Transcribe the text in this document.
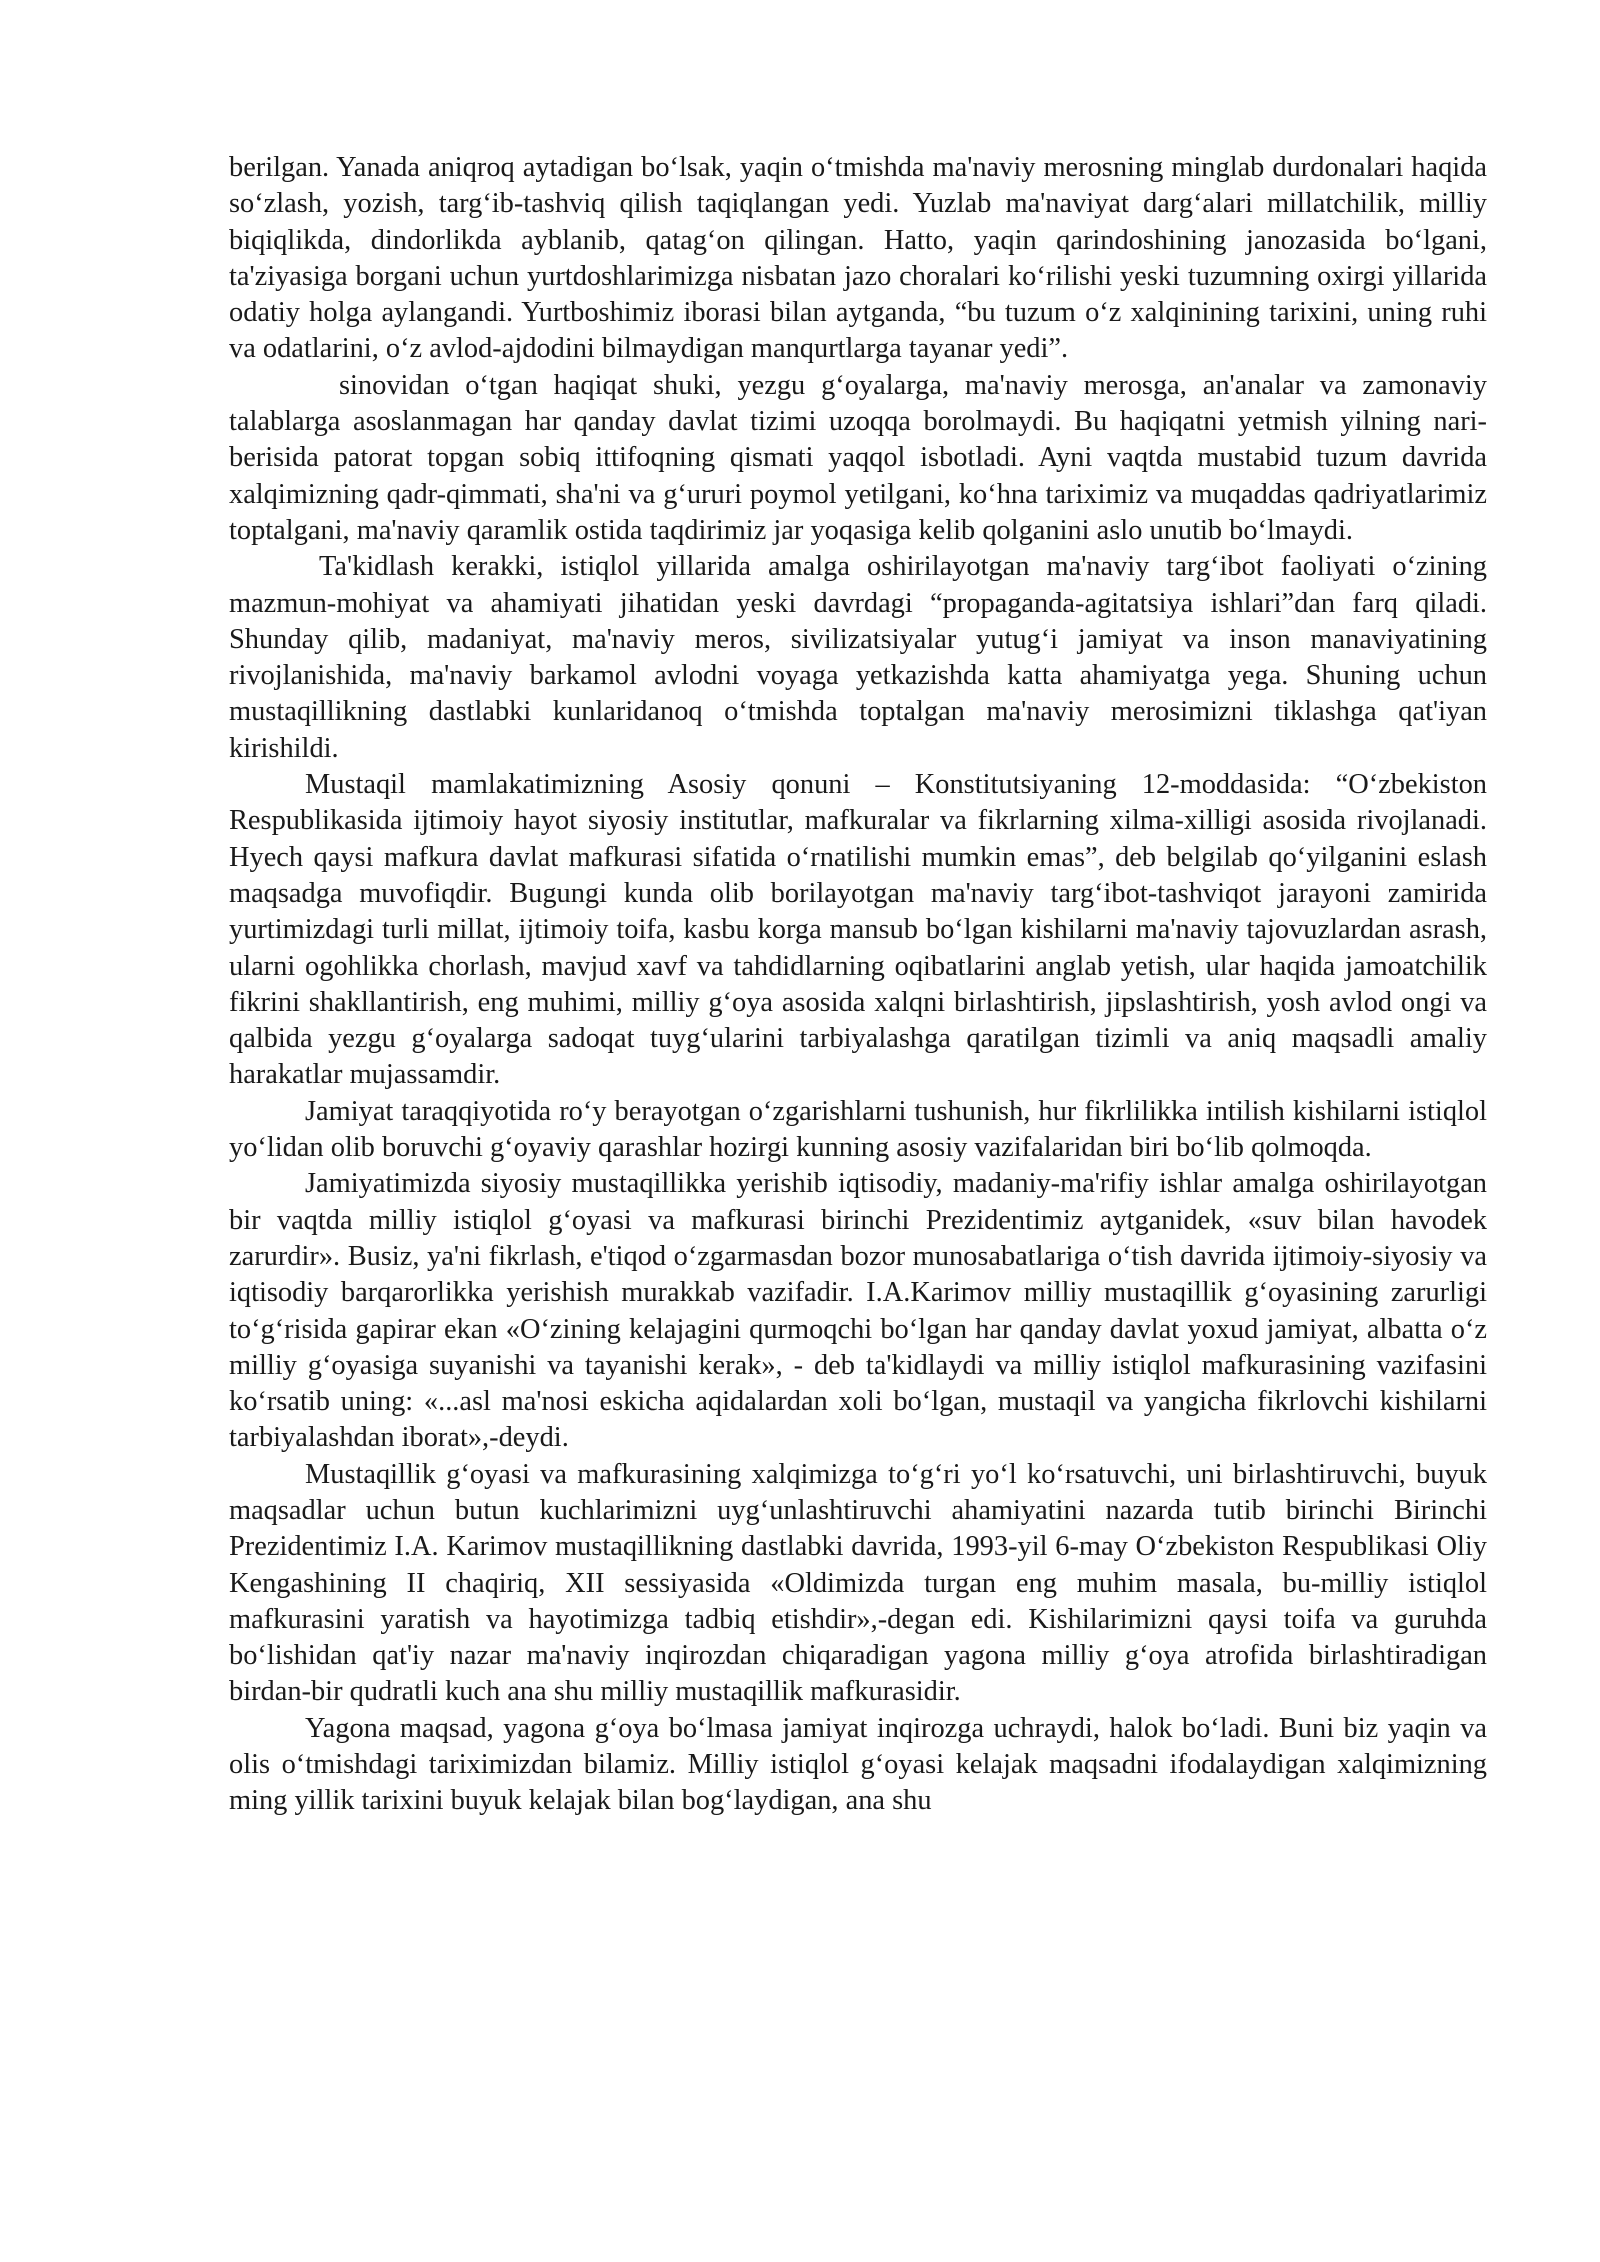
berilgan. Yanada aniqroq aytadigan bo‘lsak, yaqin o‘tmishda ma'naviy merosning minglab durdonalari haqida so‘zlash, yozish, targ‘ib-tashviq qilish taqiqlangan yedi. Yuzlab ma'naviyat darg‘alari millatchilik, milliy biqiqlikda, dindorlikda ayblanib, qatag‘on qilingan. Hatto, yaqin qarindoshining janozasida bo‘lgani, ta'ziyasiga borgani uchun yurtdoshlarimizga nisbatan jazo choralari ko‘rilishi yeski tuzumning oxirgi yillarida odatiy holga aylangandi. Yurtboshimiz iborasi bilan aytganda, “bu tuzum o‘z xalqinining tarixini, uning ruhi va odatlarini, o‘z avlod-ajdodini bilmaydigan manqurtlarga tayanar yedi”.

sinovidan o‘tgan haqiqat shuki, yezgu g‘oyalarga, ma'naviy merosga, an'analar va zamonaviy talablarga asoslanmagan har qanday davlat tizimi uzoqqa borolmaydi. Bu haqiqatni yetmish yilning nari-berisida patorat topgan sobiq ittifoqning qismati yaqqol isbotladi. Ayni vaqtda mustabid tuzum davrida xalqimizning qadr-qimmati, sha'ni va g‘ururi poymol yetilgani, ko‘hna tariximiz va muqaddas qadriyatlarimiz toptalgani, ma'naviy qaramlik ostida taqdirimiz jar yoqasiga kelib qolganini aslo unutib bo‘lmaydi.

Ta'kidlash kerakki, istiqlol yillarida amalga oshirilayotgan ma'naviy targ‘ibot faoliyati o‘zining mazmun-mohiyat va ahamiyati jihatidan yeski davrdagi “propaganda-agitatsiya ishlari”dan farq qiladi. Shunday qilib, madaniyat, ma'naviy meros, sivilizatsiyalar yutug‘i jamiyat va inson manaviyatining rivojlanishida, ma'naviy barkamol avlodni voyaga yetkazishda katta ahamiyatga yega. Shuning uchun mustaqillikning dastlabki kunlaridanoq o‘tmishda toptalgan ma'naviy merosimizni tiklashga qat'iyan kirishildi.

Mustaqil mamlakatimizning Asosiy qonuni – Konstitutsiyaning 12-moddasida: “O‘zbekiston Respublikasida ijtimoiy hayot siyosiy institutlar, mafkuralar va fikrlarning xilma-xilligi asosida rivojlanadi. Hyech qaysi mafkura davlat mafkurasi sifatida o‘rnatilishi mumkin emas”, deb belgilab qo‘yilganini eslash maqsadga muvofiqdir. Bugungi kunda olib borilayotgan ma'naviy targ‘ibot-tashviqot jarayoni zamirida yurtimizdagi turli millat, ijtimoiy toifa, kasbu korga mansub bo‘lgan kishilarni ma'naviy tajovuzlardan asrash, ularni ogohlikka chorlash, mavjud xavf va tahdidlarning oqibatlarini anglab yetish, ular haqida jamoatchilik fikrini shakllantirish, eng muhimi, milliy g‘oya asosida xalqni birlashtirish, jipslashtirish, yosh avlod ongi va qalbida yezgu g‘oyalarga sadoqat tuyg‘ularini tarbiyalashga qaratilgan tizimli va aniq maqsadli amaliy harakatlar mujassamdir.

Jamiyat taraqqiyotida ro‘y berayotgan o‘zgarishlarni tushunish, hur fikrlilikka intilish kishilarni istiqlol yo‘lidan olib boruvchi g‘oyaviy qarashlar hozirgi kunning asosiy vazifalaridan biri bo‘lib qolmoqda.

Jamiyatimizda siyosiy mustaqillikka yerishib iqtisodiy, madaniy-ma'rifiy ishlar amalga oshirilayotgan bir vaqtda milliy istiqlol g‘oyasi va mafkurasi birinchi Prezidentimiz aytganidek, «suv bilan havodek zarurdir». Busiz, ya'ni fikrlash, e'tiqod o‘zgarmasdan bozor munosabatlariga o‘tish davrida ijtimoiy-siyosiy va iqtisodiy barqarorlikka yerishish murakkab vazifadir. I.A.Karimov milliy mustaqillik g‘oyasining zarurligi to‘g‘risida gapirar ekan «O‘zining kelajagini qurmoqchi bo‘lgan har qanday davlat yoxud jamiyat, albatta o‘z milliy g‘oyasiga suyanishi va tayanishi kerak», - deb ta'kidlaydi va milliy istiqlol mafkurasining vazifasini ko‘rsatib uning: «...asl ma'nosi eskicha aqidalardan xoli bo‘lgan, mustaqil va yangicha fikrlovchi kishilarni tarbiyalashdan iborat»,-deydi.

Mustaqillik g‘oyasi va mafkurasining xalqimizga to‘g‘ri yo‘l ko‘rsatuvchi, uni birlashtiruvchi, buyuk maqsadlar uchun butun kuchlarimizni uyg‘unlashtiruvchi ahamiyatini nazarda tutib birinchi Birinchi Prezidentimiz I.A. Karimov mustaqillikning dastlabki davrida, 1993-yil 6-may O‘zbekiston Respublikasi Oliy Kengashining II chaqiriq, XII sessiyasida «Oldimizda turgan eng muhim masala, bu-milliy istiqlol mafkurasini yaratish va hayotimizga tadbiq etishdir»,-degan edi. Kishilarimizni qaysi toifa va guruhda bo‘lishidan qat'iy nazar ma'naviy inqirozdan chiqaradigan yagona milliy g‘oya atrofida birlashtiradigan birdan-bir qudratli kuch ana shu milliy mustaqillik mafkurasidir.

Yagona maqsad, yagona g‘oya bo‘lmasa jamiyat inqirozga uchraydi, halok bo‘ladi. Buni biz yaqin va olis o‘tmishdagi tariximizdan bilamiz. Milliy istiqlol g‘oyasi kelajak maqsadni ifodalaydigan xalqimizning ming yillik tarixini buyuk kelajak bilan bog‘laydigan, ana shu
